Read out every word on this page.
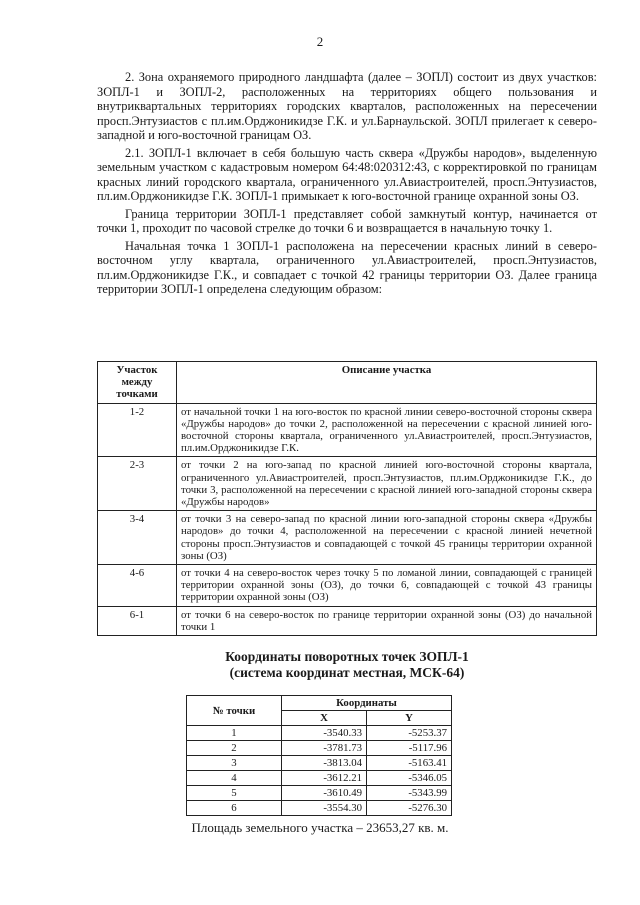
2

2. Зона охраняемого природного ландшафта (далее – ЗОПЛ) состоит из двух участков: ЗОПЛ-1 и ЗОПЛ-2, расположенных на территориях общего пользования и внутриквартальных территориях городских кварталов, расположенных на пересечении просп.Энтузиастов с пл.им.Орджоникидзе Г.К. и ул.Барнаульской. ЗОПЛ прилегает к северо-западной и юго-восточной границам ОЗ.

2.1. ЗОПЛ-1 включает в себя большую часть сквера «Дружбы народов», выделенную земельным участком с кадастровым номером 64:48:020312:43, с корректировкой по границам красных линий городского квартала, ограниченного ул.Авиастроителей, просп.Энтузиастов, пл.им.Орджоникидзе Г.К. ЗОПЛ-1 примыкает к юго-восточной границе охранной зоны ОЗ.

Граница территории ЗОПЛ-1 представляет собой замкнутый контур, начинается от точки 1, проходит по часовой стрелке до точки 6 и возвращается в начальную точку 1.

Начальная точка 1 ЗОПЛ-1 расположена на пересечении красных линий в северо-восточном углу квартала, ограниченного ул.Авиастроителей, просп.Энтузиастов, пл.им.Орджоникидзе Г.К., и совпадает с точкой 42 границы территории ОЗ. Далее граница территории ЗОПЛ-1 определена следующим образом:

Участок между точками	Описание участка
1-2	от начальной точки 1 на юго-восток по красной линии северо-восточной стороны сквера «Дружбы народов» до точки 2, расположенной на пересечении с красной линией юго-восточной стороны квартала, ограниченного ул.Авиастроителей, просп.Энтузиастов, пл.им.Орджоникидзе Г.К.
2-3	от точки 2 на юго-запад по красной линией юго-восточной стороны квартала, ограниченного ул.Авиастроителей, просп.Энтузиастов, пл.им.Орджоникидзе Г.К., до точки 3, расположенной на пересечении с красной линией юго-западной стороны сквера «Дружбы народов»
3-4	от точки 3 на северо-запад по красной линии юго-западной стороны сквера «Дружбы народов» до точки 4, расположенной на пересечении с красной линией нечетной стороны просп.Энтузиастов и совпадающей с точкой 45 границы территории охранной зоны (ОЗ)
4-6	от точки 4 на северо-восток через точку 5 по ломаной линии, совпадающей с границей территории охранной зоны (ОЗ), до точки 6, совпадающей с точкой 43 границы территории охранной зоны (ОЗ)
6-1	от точки 6 на северо-восток по границе территории охранной зоны (ОЗ) до начальной точки 1
Координаты поворотных точек ЗОПЛ-1
(система координат местная, МСК-64)
№ точки	Координаты	
	X	Y
1	-3540.33	-5253.37
2	-3781.73	-5117.96
3	-3813.04	-5163.41
4	-3612.21	-5346.05
5	-3610.49	-5343.99
6	-3554.30	-5276.30
Площадь земельного участка – 23653,27 кв. м.
